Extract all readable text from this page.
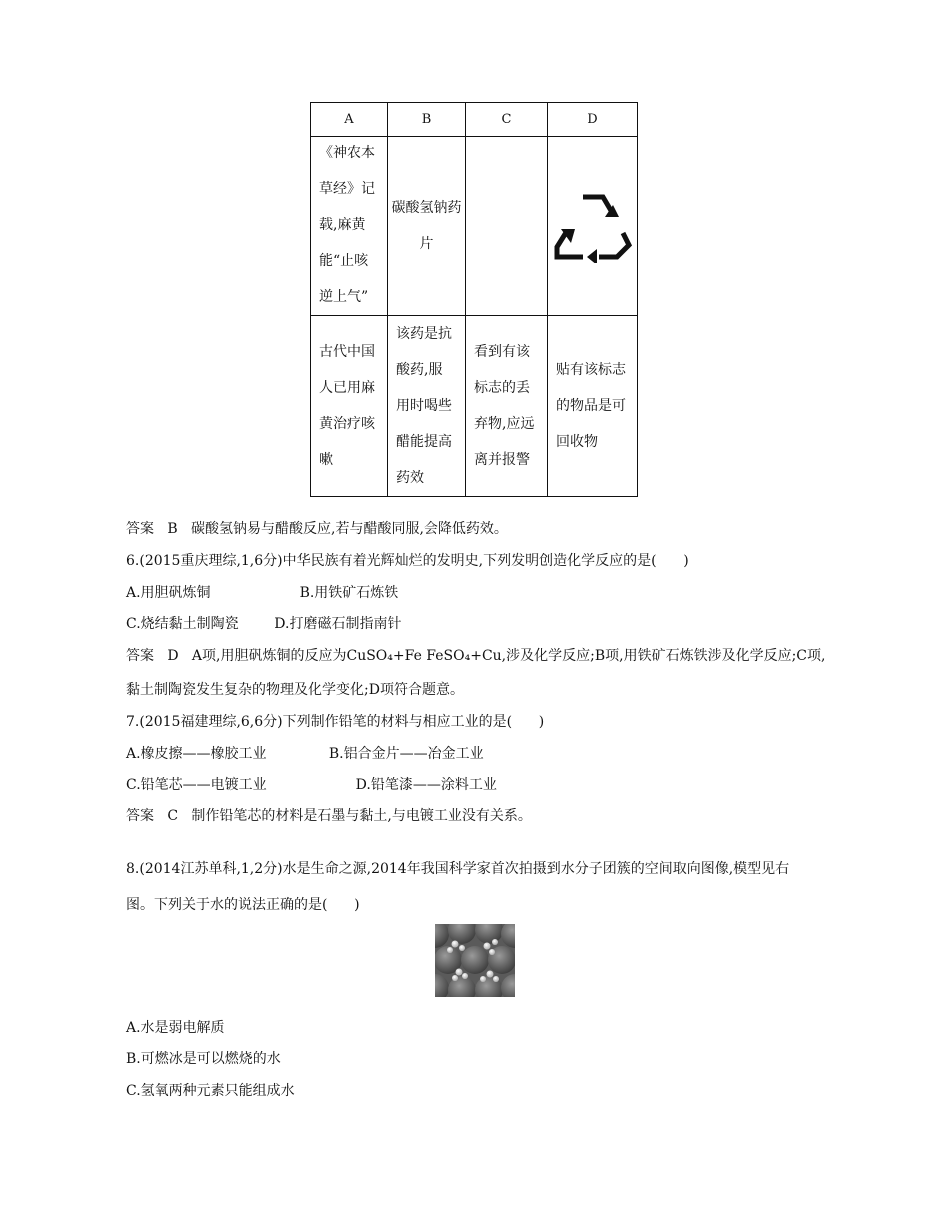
A	B	C	D

《神农本
草经》记
载,麻黄
能“止咳
逆上气”	碳酸氢钠药
片

古代中国
人已用麻
黄治疗咳
嗽	该药是抗
酸药,服
用时喝些
醋能提高
药效	看到有该
标志的丢
弃物,应远
离并报警	贴有该标志
的物品是可
回收物
答案   B   碳酸氢钠易与醋酸反应,若与醋酸同服,会降低药效。
6.(2015重庆理综,1,6分)中华民族有着光辉灿烂的发明史,下列发明创造化学反应的是(      )
A.用胆矾炼铜                    B.用铁矿石炼铁
C.烧结黏土制陶瓷        D.打磨磁石制指南针
答案   D   A项,用胆矾炼铜的反应为CuSO₄+Fe FeSO₄+Cu,涉及化学反应;B项,用铁矿石炼铁涉及化学反应;C项,
黏土制陶瓷发生复杂的物理及化学变化;D项符合题意。
7.(2015福建理综,6,6分)下列制作铅笔的材料与相应工业的是(      )
A.橡皮擦——橡胶工业              B.铝合金片——冶金工业
C.铅笔芯——电镀工业                    D.铅笔漆——涂料工业
答案   C   制作铅笔芯的材料是石墨与黏土,与电镀工业没有关系。
8.(2014江苏单科,1,2分)水是生命之源,2014年我国科学家首次拍摄到水分子团簇的空间取向图像,模型见右
图。下列关于水的说法正确的是(      )
A.水是弱电解质
B.可燃冰是可以燃烧的水
C.氢氧两种元素只能组成水
